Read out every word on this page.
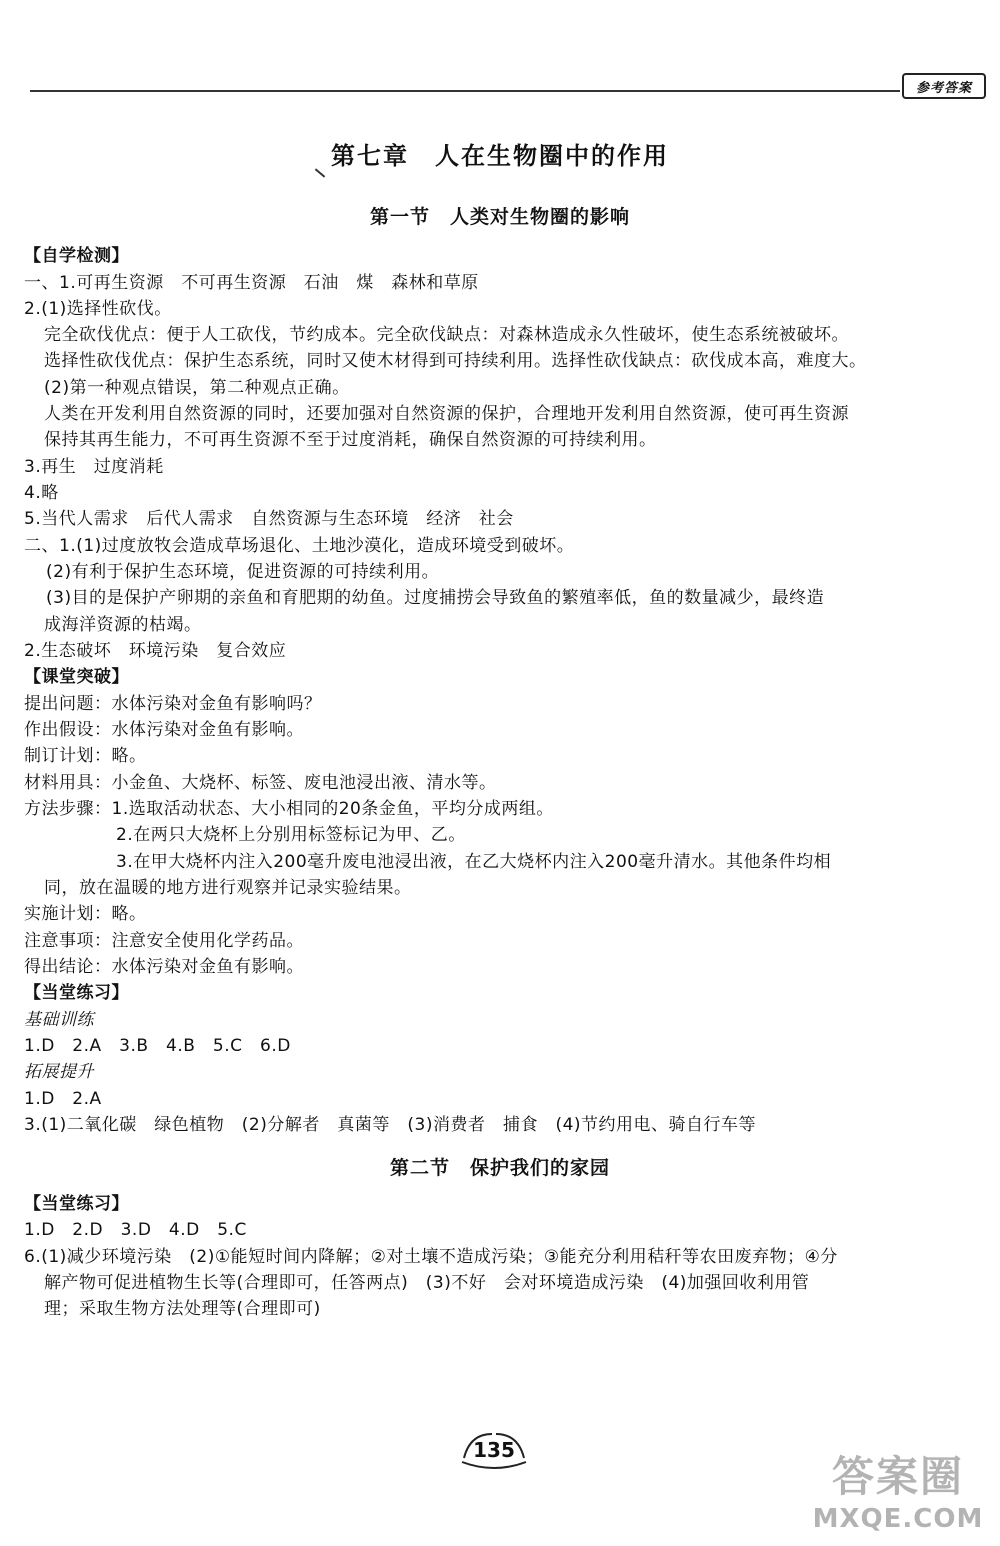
参考答案
第七章　人在生物圈中的作用
第一节　人类对生物圈的影响
【自学检测】
一、1.可再生资源　不可再生资源　石油　煤　森林和草原
2.(1)选择性砍伐。
完全砍伐优点：便于人工砍伐，节约成本。完全砍伐缺点：对森林造成永久性破坏，使生态系统被破坏。
选择性砍伐优点：保护生态系统，同时又使木材得到可持续利用。选择性砍伐缺点：砍伐成本高，难度大。
(2)第一种观点错误，第二种观点正确。
人类在开发利用自然资源的同时，还要加强对自然资源的保护，合理地开发利用自然资源，使可再生资源
保持其再生能力，不可再生资源不至于过度消耗，确保自然资源的可持续利用。
3.再生　过度消耗
4.略
5.当代人需求　后代人需求　自然资源与生态环境　经济　社会
二、1.(1)过度放牧会造成草场退化、土地沙漠化，造成环境受到破坏。
(2)有利于保护生态环境，促进资源的可持续利用。
(3)目的是保护产卵期的亲鱼和育肥期的幼鱼。过度捕捞会导致鱼的繁殖率低，鱼的数量减少，最终造
成海洋资源的枯竭。
2.生态破坏　环境污染　复合效应
【课堂突破】
提出问题：水体污染对金鱼有影响吗？
作出假设：水体污染对金鱼有影响。
制订计划：略。
材料用具：小金鱼、大烧杯、标签、废电池浸出液、清水等。
方法步骤：1.选取活动状态、大小相同的20条金鱼，平均分成两组。
2.在两只大烧杯上分别用标签标记为甲、乙。
3.在甲大烧杯内注入200毫升废电池浸出液，在乙大烧杯内注入200毫升清水。其他条件均相
同，放在温暖的地方进行观察并记录实验结果。
实施计划：略。
注意事项：注意安全使用化学药品。
得出结论：水体污染对金鱼有影响。
【当堂练习】
基础训练
1.D　2.A　3.B　4.B　5.C　6.D
拓展提升
1.D　2.A
3.(1)二氧化碳　绿色植物　(2)分解者　真菌等　(3)消费者　捕食　(4)节约用电、骑自行车等
第二节　保护我们的家园
【当堂练习】
1.D　2.D　3.D　4.D　5.C
6.(1)减少环境污染　(2)①能短时间内降解；②对土壤不造成污染；③能充分利用秸秆等农田废弃物；④分
解产物可促进植物生长等(合理即可，任答两点)　(3)不好　会对环境造成污染　(4)加强回收利用管
理；采取生物方法处理等(合理即可)
135
答案圈
MXQE.COM
